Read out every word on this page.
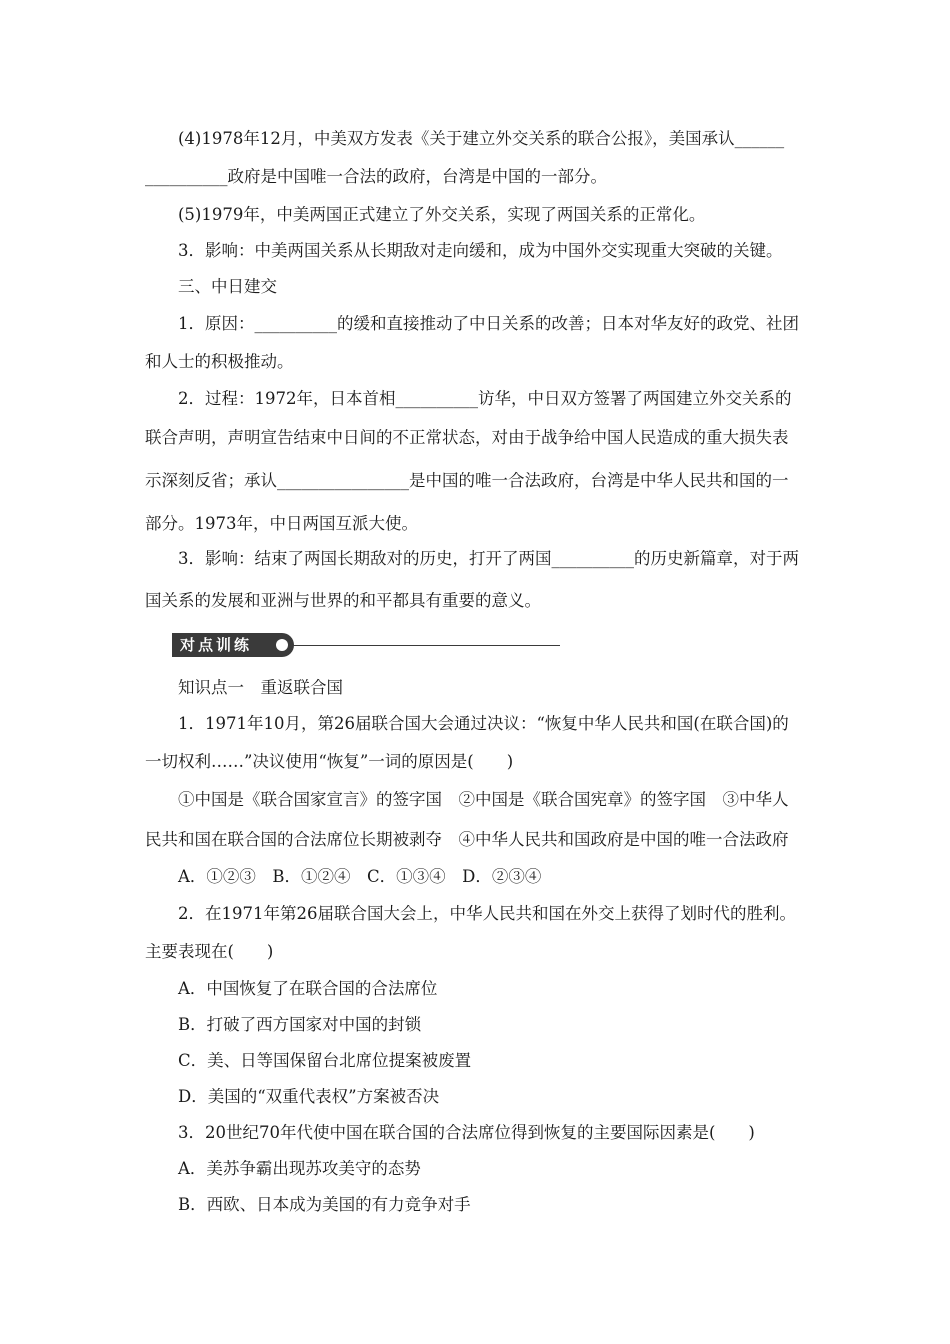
(4)1978年12月，中美双方发表《关于建立外交关系的联合公报》，美国承认______
__________政府是中国唯一合法的政府，台湾是中国的一部分。
(5)1979年，中美两国正式建立了外交关系，实现了两国关系的正常化。
3．影响：中美两国关系从长期敌对走向缓和，成为中国外交实现重大突破的关键。
三、中日建交
1．原因：__________的缓和直接推动了中日关系的改善；日本对华友好的政党、社团
和人士的积极推动。
2．过程：1972年，日本首相__________访华，中日双方签署了两国建立外交关系的
联合声明，声明宣告结束中日间的不正常状态，对由于战争给中国人民造成的重大损失表
示深刻反省；承认________________是中国的唯一合法政府，台湾是中华人民共和国的一
部分。1973年，中日两国互派大使。
3．影响：结束了两国长期敌对的历史，打开了两国__________的历史新篇章，对于两
国关系的发展和亚洲与世界的和平都具有重要的意义。
对点训练
知识点一　重返联合国
1．1971年10月，第26届联合国大会通过决议：“恢复中华人民共和国(在联合国)的
一切权利……”决议使用“恢复”一词的原因是(　　)
①中国是《联合国家宣言》的签字国　②中国是《联合国宪章》的签字国　③中华人
民共和国在联合国的合法席位长期被剥夺　④中华人民共和国政府是中国的唯一合法政府
A．①②③　B．①②④　C．①③④　D．②③④
2．在1971年第26届联合国大会上，中华人民共和国在外交上获得了划时代的胜利。
主要表现在(　　)
A．中国恢复了在联合国的合法席位
B．打破了西方国家对中国的封锁
C．美、日等国保留台北席位提案被废置
D．美国的“双重代表权”方案被否决
3．20世纪70年代使中国在联合国的合法席位得到恢复的主要国际因素是(　　)
A．美苏争霸出现苏攻美守的态势
B．西欧、日本成为美国的有力竞争对手
